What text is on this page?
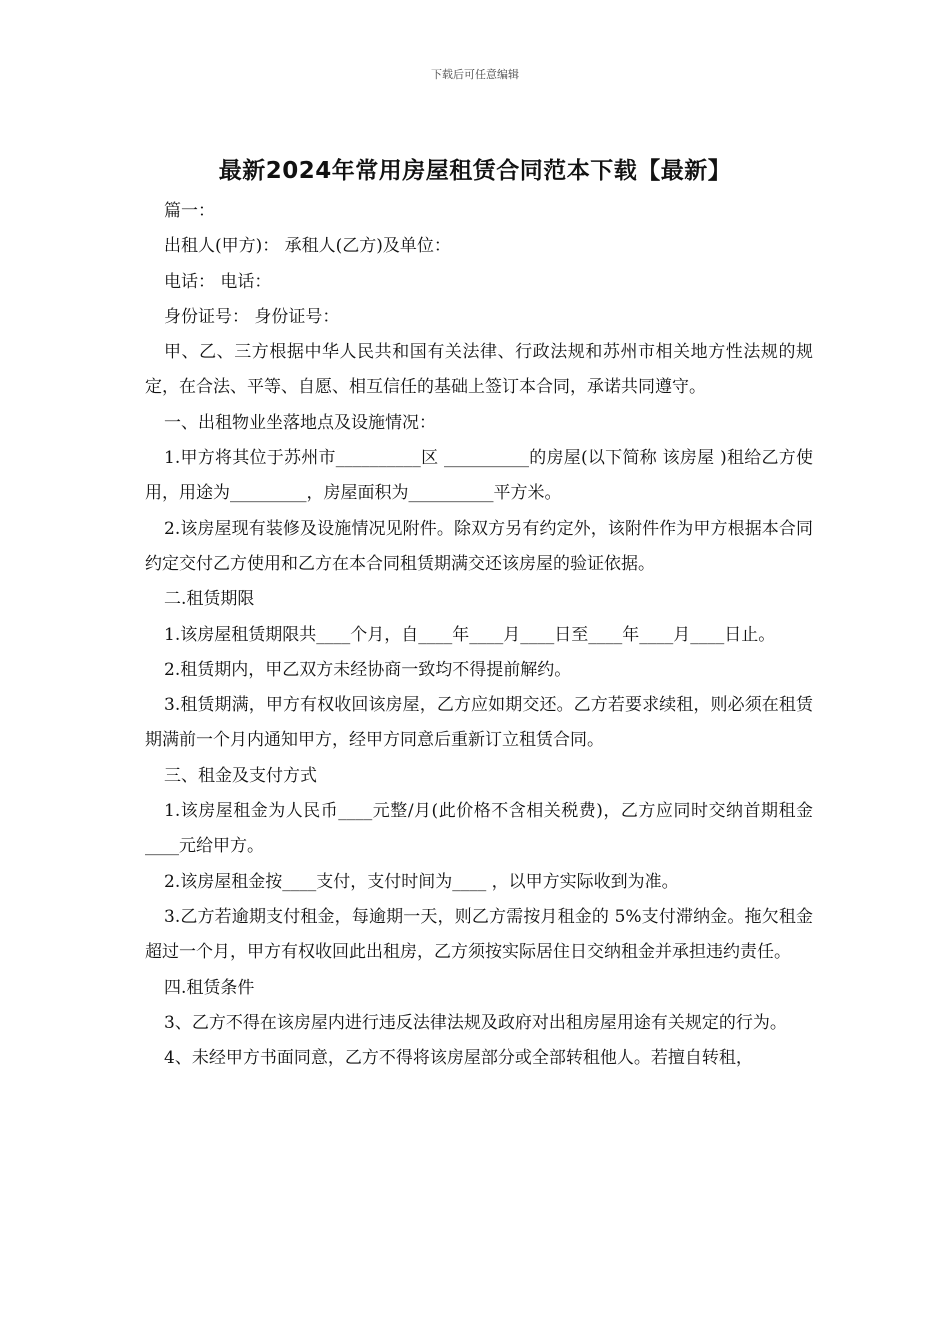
下载后可任意编辑
最新2024年常用房屋租赁合同范本下载【最新】

篇一：

出租人(甲方)： 承租人(乙方)及单位：

电话： 电话：

身份证号： 身份证号：

甲、乙、三方根据中华人民共和国有关法律、行政法规和苏州市相关地方性法规的规定，在合法、平等、自愿、相互信任的基础上签订本合同，承诺共同遵守。

一、出租物业坐落地点及设施情况：

1.甲方将其位于苏州市__________区 __________的房屋(以下简称 该房屋 )租给乙方使用，用途为_________，房屋面积为__________平方米。

2.该房屋现有装修及设施情况见附件。除双方另有约定外，该附件作为甲方根据本合同约定交付乙方使用和乙方在本合同租赁期满交还该房屋的验证依据。

二.租赁期限

1.该房屋租赁期限共____个月，自____年____月____日至____年____月____日止。

2.租赁期内，甲乙双方未经协商一致均不得提前解约。

3.租赁期满，甲方有权收回该房屋，乙方应如期交还。乙方若要求续租，则必须在租赁期满前一个月内通知甲方，经甲方同意后重新订立租赁合同。

三、租金及支付方式

1.该房屋租金为人民币____元整/月(此价格不含相关税费)，乙方应同时交纳首期租金____元给甲方。

2.该房屋租金按____支付，支付时间为____ ，以甲方实际收到为准。

3.乙方若逾期支付租金，每逾期一天，则乙方需按月租金的 5%支付滞纳金。拖欠租金超过一个月，甲方有权收回此出租房，乙方须按实际居住日交纳租金并承担违约责任。

四.租赁条件

3、乙方不得在该房屋内进行违反法律法规及政府对出租房屋用途有关规定的行为。

4、未经甲方书面同意，乙方不得将该房屋部分或全部转租他人。若擅自转租，
